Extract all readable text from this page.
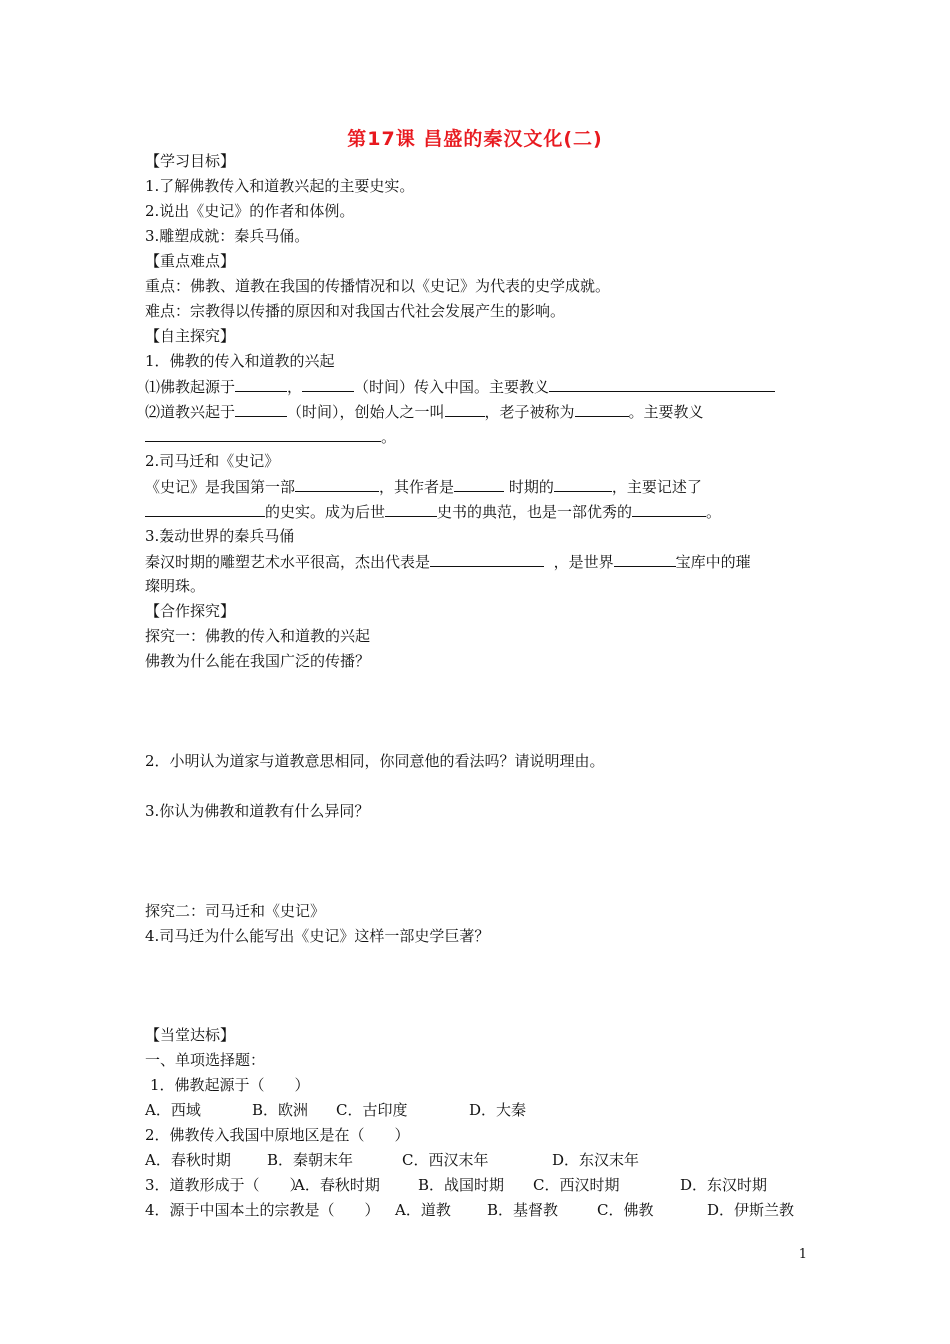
第17课 昌盛的秦汉文化(二)
【学习目标】
1.了解佛教传入和道教兴起的主要史实。
2.说出《史记》的作者和体例。
3.雕塑成就：秦兵马俑。
【重点难点】
重点：佛教、道教在我国的传播情况和以《史记》为代表的史学成就。
难点：宗教得以传播的原因和对我国古代社会发展产生的影响。
【自主探究】
1．佛教的传入和道教的兴起
⑴佛教起源于	，	（时间）传入中国。主要教义
⑵道教兴起于	（时间），创始人之一叫	，老子被称为	。主要教义
。
2.司马迁和《史记》
《史记》是我国第一部	，其作者是	时期的	，主要记述了
的史实。成为后世	史书的典范，也是一部优秀的	。
3.轰动世界的秦兵马俑
秦汉时期的雕塑艺术水平很高，杰出代表是	，是世界	宝库中的璀
璨明珠。
【合作探究】
探究一：佛教的传入和道教的兴起
佛教为什么能在我国广泛的传播？
2．小明认为道家与道教意思相同，你同意他的看法吗？请说明理由。
3.你认为佛教和道教有什么异同？
探究二：司马迁和《史记》
4.司马迁为什么能写出《史记》这样一部史学巨著？
【当堂达标】
一、单项选择题：
1．佛教起源于（　　）
A．西域	B．欧洲 C．古印度	D．大秦
2．佛教传入我国中原地区是在（　　）
A．春秋时期 B．秦朝末年	C．西汉末年	D．东汉末年
3．道教形成于（　　）
A．春秋时期	B．战国时期 C．西汉时期	D．东汉时期
4．源于中国本土的宗教是（　　） A．道教 B．基督教	C．佛教	D．伊斯兰教
1
